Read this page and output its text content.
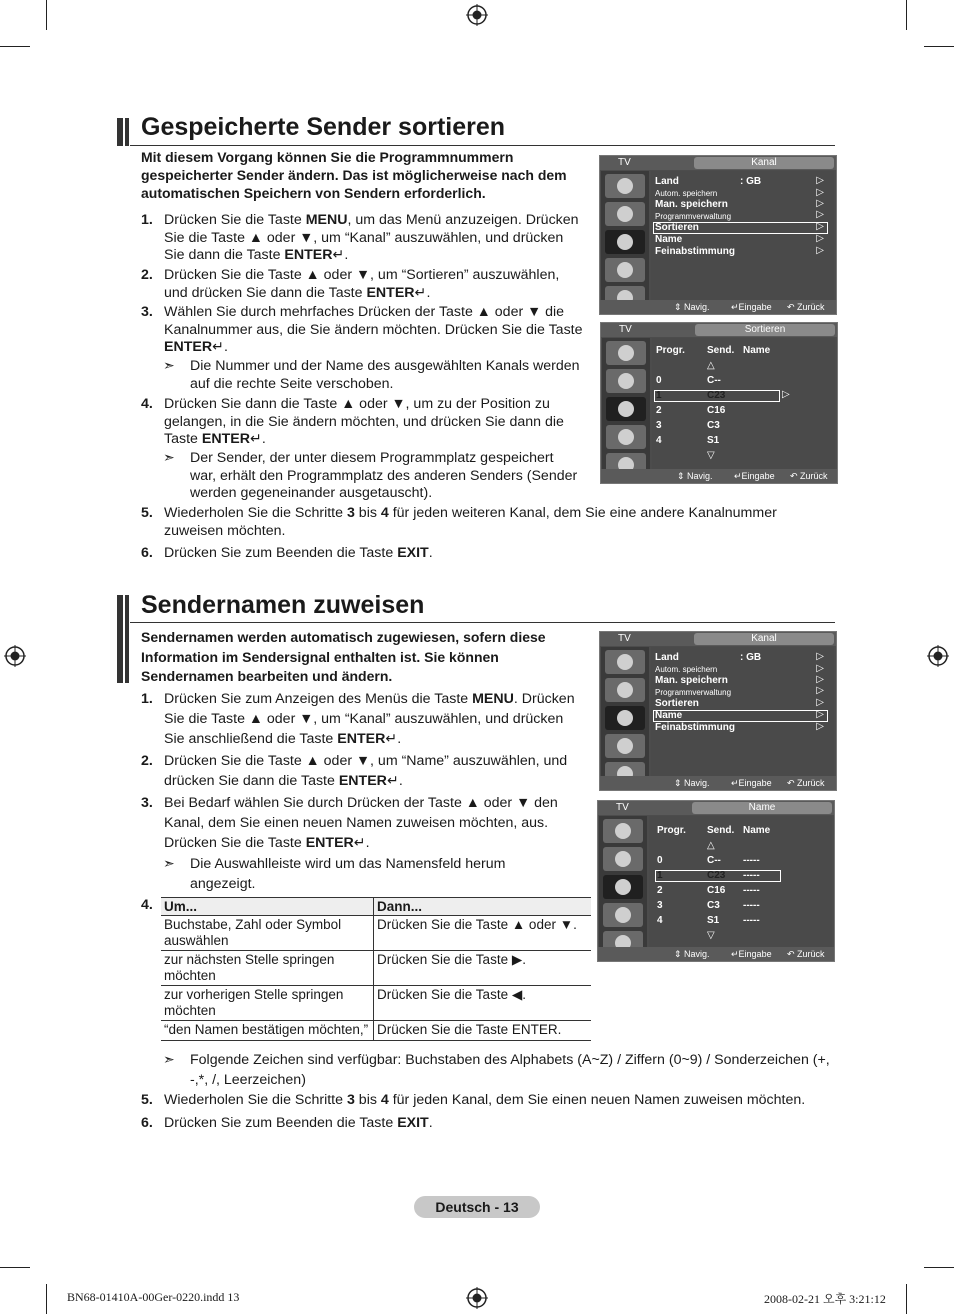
Gespeicherte Sender sortieren
Mit diesem Vorgang können Sie die Programmnummern gespeicherter Sender ändern. Das ist möglicherweise nach dem automatischen Speichern von Sendern erforderlich.
1. Drücken Sie die Taste MENU, um das Menü anzuzeigen. Drücken Sie die Taste ▲ oder ▼, um “Kanal” auszuwählen, und drücken Sie dann die Taste ENTER↵.
2. Drücken Sie die Taste ▲ oder ▼, um “Sortieren” auszuwählen, und drücken Sie dann die Taste ENTER↵.
3. Wählen Sie durch mehrfaches Drücken der Taste ▲ oder ▼ die Kanalnummer aus, die Sie ändern möchten. Drücken Sie die Taste ENTER↵.
➣ Die Nummer und der Name des ausgewählten Kanals werden auf die rechte Seite verschoben.
4. Drücken Sie dann die Taste ▲ oder ▼, um zu der Position zu gelangen, in die Sie ändern möchten, und drücken Sie dann die Taste ENTER↵.
➣ Der Sender, der unter diesem Programmplatz gespeichert war, erhält den Programmplatz des anderen Senders (Sender werden gegeneinander ausgetauscht).
5. Wiederholen Sie die Schritte 3 bis 4 für jeden weiteren Kanal, dem Sie eine andere Kanalnummer zuweisen möchten.
6. Drücken Sie zum Beenden die Taste EXIT.
TV	Kanal
Land	: GB
Autom. speichern
Man. speichern
Programmverwaltung
Sortieren
Name
Feinabstimmung
▷
▷
▷
▷
▷
▷
▷
⇕ Navig. ↵Eingabe ↶ Zurück
TV	Sortieren
Progr. Send. Name
△
0	C--
1	C23	▷
2	C16
3	C3
4	S1
▽
⇕ Navig. ↵Eingabe ↶ Zurück
Sendernamen zuweisen
Sendernamen werden automatisch zugewiesen, sofern diese Information im Sendersignal enthalten ist. Sie können Sendernamen bearbeiten und ändern.
1. Drücken Sie zum Anzeigen des Menüs die Taste MENU. Drücken Sie die Taste ▲ oder ▼, um “Kanal” auszuwählen, und drücken Sie anschließend die Taste ENTER↵.
2. Drücken Sie die Taste ▲ oder ▼, um “Name” auszuwählen, und drücken Sie dann die Taste ENTER↵.
3. Bei Bedarf wählen Sie durch Drücken der Taste ▲ oder ▼ den Kanal, dem Sie einen neuen Namen zuweisen möchten, aus. Drücken Sie die Taste ENTER↵.
➣ Die Auswahlleiste wird um das Namensfeld herum angezeigt.
4. Um...	Dann...
Buchstabe, Zahl oder Symbol auswählen	Drücken Sie die Taste ▲ oder ▼.
zur nächsten Stelle springen möchten	Drücken Sie die Taste ▶.
zur vorherigen Stelle springen möchten	Drücken Sie die Taste ◀.
“den Namen bestätigen möchten,”	Drücken Sie die Taste ENTER.
➣ Folgende Zeichen sind verfügbar: Buchstaben des Alphabets (A~Z) / Ziffern (0~9) / Sonderzeichen (+, -,*, /, Leerzeichen)
5. Wiederholen Sie die Schritte 3 bis 4 für jeden Kanal, dem Sie einen neuen Namen zuweisen möchten.
6. Drücken Sie zum Beenden die Taste EXIT.
TV	Kanal
Land	: GB
Autom. speichern
Man. speichern
Programmverwaltung
Sortieren
Name
Feinabstimmung
▷
▷
▷
▷
▷
▷
▷
⇕ Navig. ↵Eingabe ↶ Zurück
TV	Name
Progr. Send. Name
△
0	C-- -----
1	C23 -----
2	C16 -----
3	C3 -----
4	S1 -----
▽
⇕ Navig. ↵Eingabe ↶ Zurück
Deutsch - 13
BN68-01410A-00Ger-0220.indd 13	2008-02-21 오후 3:21:12
